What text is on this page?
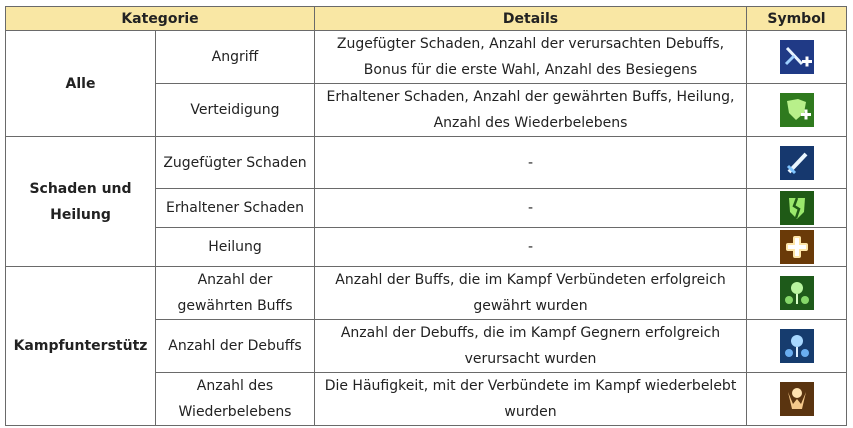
Kategorie		Details	Symbol
Alle	Angriff	Zugefügter Schaden, Anzahl der verursachten Debuffs, Bonus für die erste Wahl, Anzahl des Besiegens	

	Verteidigung	Erhaltener Schaden, Anzahl der gewährten Buffs, Heilung, Anzahl des Wiederbelebens	

Schaden und Heilung	Zugefügter Schaden	-	

	Erhaltener Schaden	-	

	Heilung	-	

Kampfunterstütz	Anzahl der gewährten Buffs	Anzahl der Buffs, die im Kampf Verbündeten erfolgreich gewährt wurden	

	Anzahl der Debuffs	Anzahl der Debuffs, die im Kampf Gegnern erfolgreich verursacht wurden	

	Anzahl des Wiederbelebens	Die Häufigkeit, mit der Verbündete im Kampf wiederbelebt wurden	
